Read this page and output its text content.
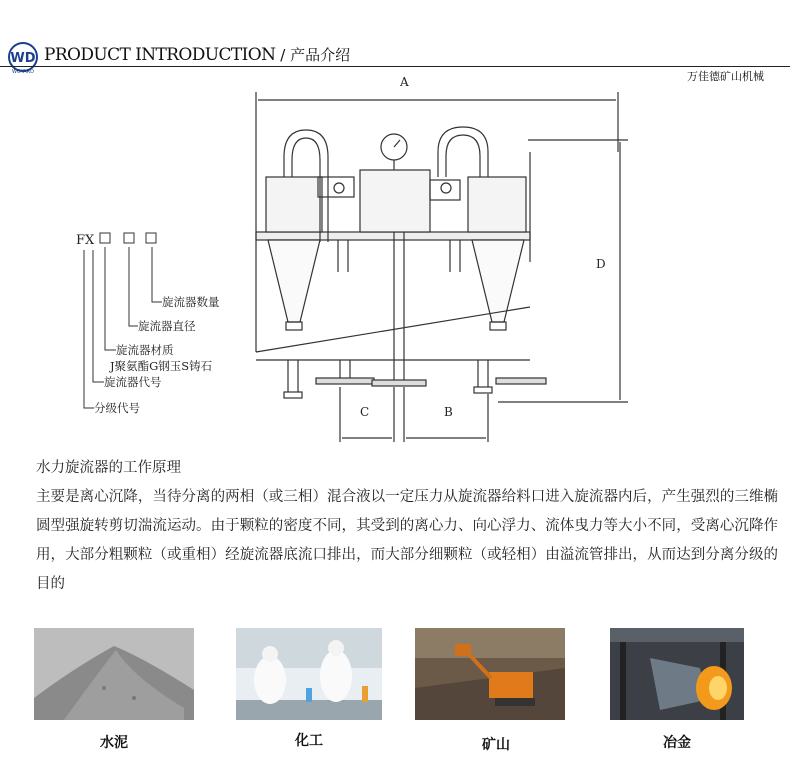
WD
WOYARD
PRODUCT INTRODUCTION / 产品介绍
万佳德矿山机械
A
D
C	B
FX
旋流器数量
旋流器直径
旋流器材质
J聚氨酯G钢玉S铸石
旋流器代号
分级代号
水力旋流器的工作原理
主要是离心沉降，当待分离的两相（或三相）混合液以一定压力从旋流器给料口进入旋流器内后，产生强烈的三维椭圆型强旋转剪切湍流运动。由于颗粒的密度不同，其受到的离心力、向心浮力、流体曳力等大小不同，受离心沉降作用，大部分粗颗粒（或重相）经旋流器底流口排出，而大部分细颗粒（或轻相）由溢流管排出，从而达到分离分级的目的
水泥	化工	矿山	冶金
